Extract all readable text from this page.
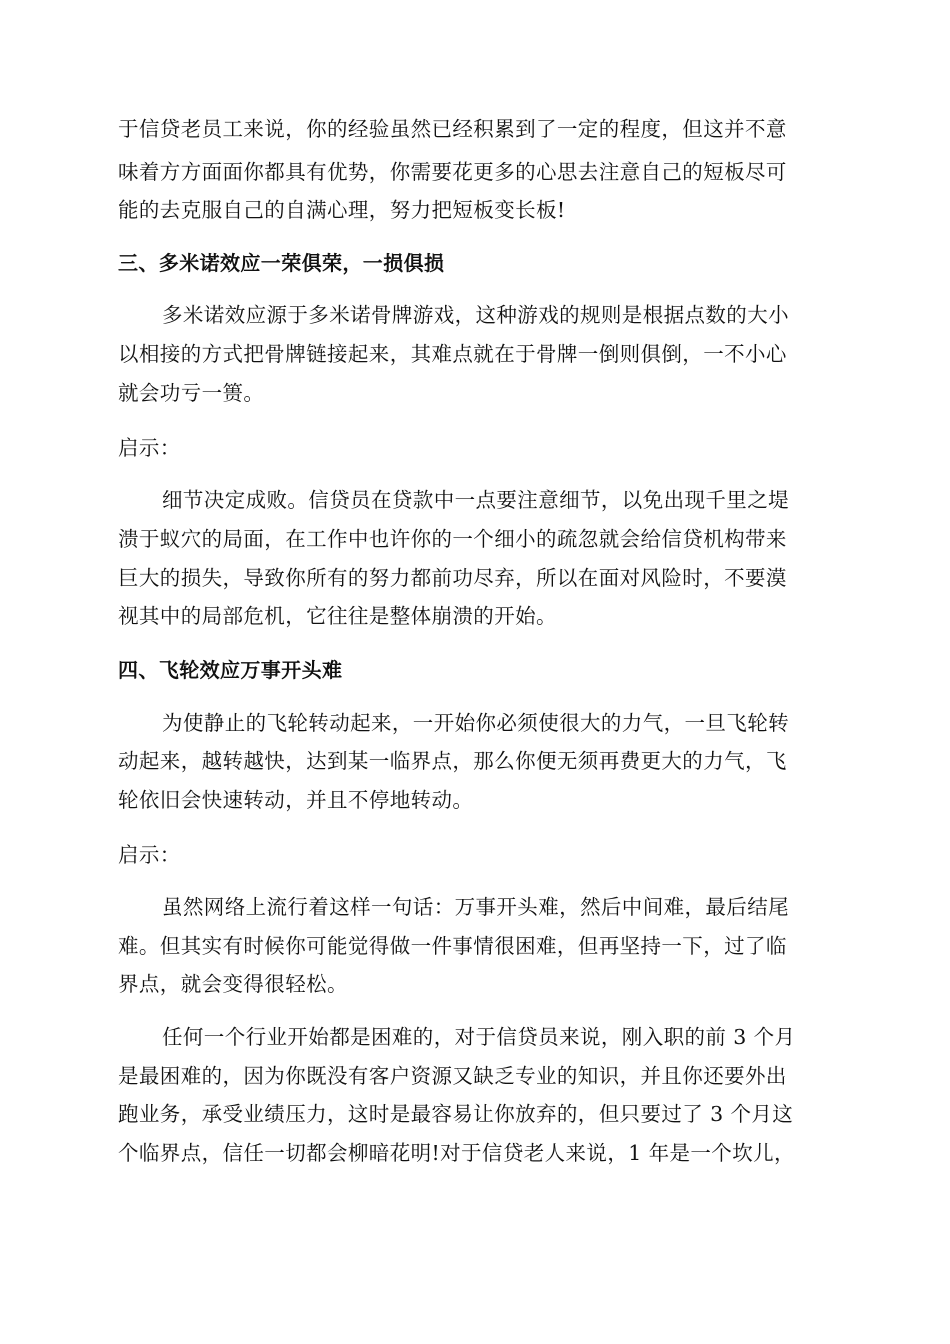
于信贷老员工来说，你的经验虽然已经积累到了一定的程度，但这并不意
味着方方面面你都具有优势，你需要花更多的心思去注意自己的短板尽可
能的去克服自己的自满心理，努力把短板变长板!
三、多米诺效应一荣俱荣，一损俱损
多米诺效应源于多米诺骨牌游戏，这种游戏的规则是根据点数的大小
以相接的方式把骨牌链接起来，其难点就在于骨牌一倒则俱倒，一不小心
就会功亏一篑。
启示：
细节决定成败。信贷员在贷款中一点要注意细节，以免出现千里之堤
溃于蚁穴的局面，在工作中也许你的一个细小的疏忽就会给信贷机构带来
巨大的损失，导致你所有的努力都前功尽弃，所以在面对风险时，不要漠
视其中的局部危机，它往往是整体崩溃的开始。
四、飞轮效应万事开头难
为使静止的飞轮转动起来，一开始你必须使很大的力气，一旦飞轮转
动起来，越转越快，达到某一临界点，那么你便无须再费更大的力气，飞
轮依旧会快速转动，并且不停地转动。
启示：
虽然网络上流行着这样一句话：万事开头难，然后中间难，最后结尾
难。但其实有时候你可能觉得做一件事情很困难，但再坚持一下，过了临
界点，就会变得很轻松。
任何一个行业开始都是困难的，对于信贷员来说，刚入职的前 3 个月
是最困难的，因为你既没有客户资源又缺乏专业的知识，并且你还要外出
跑业务，承受业绩压力，这时是最容易让你放弃的，但只要过了 3 个月这
个临界点，信任一切都会柳暗花明!对于信贷老人来说，1 年是一个坎儿，
